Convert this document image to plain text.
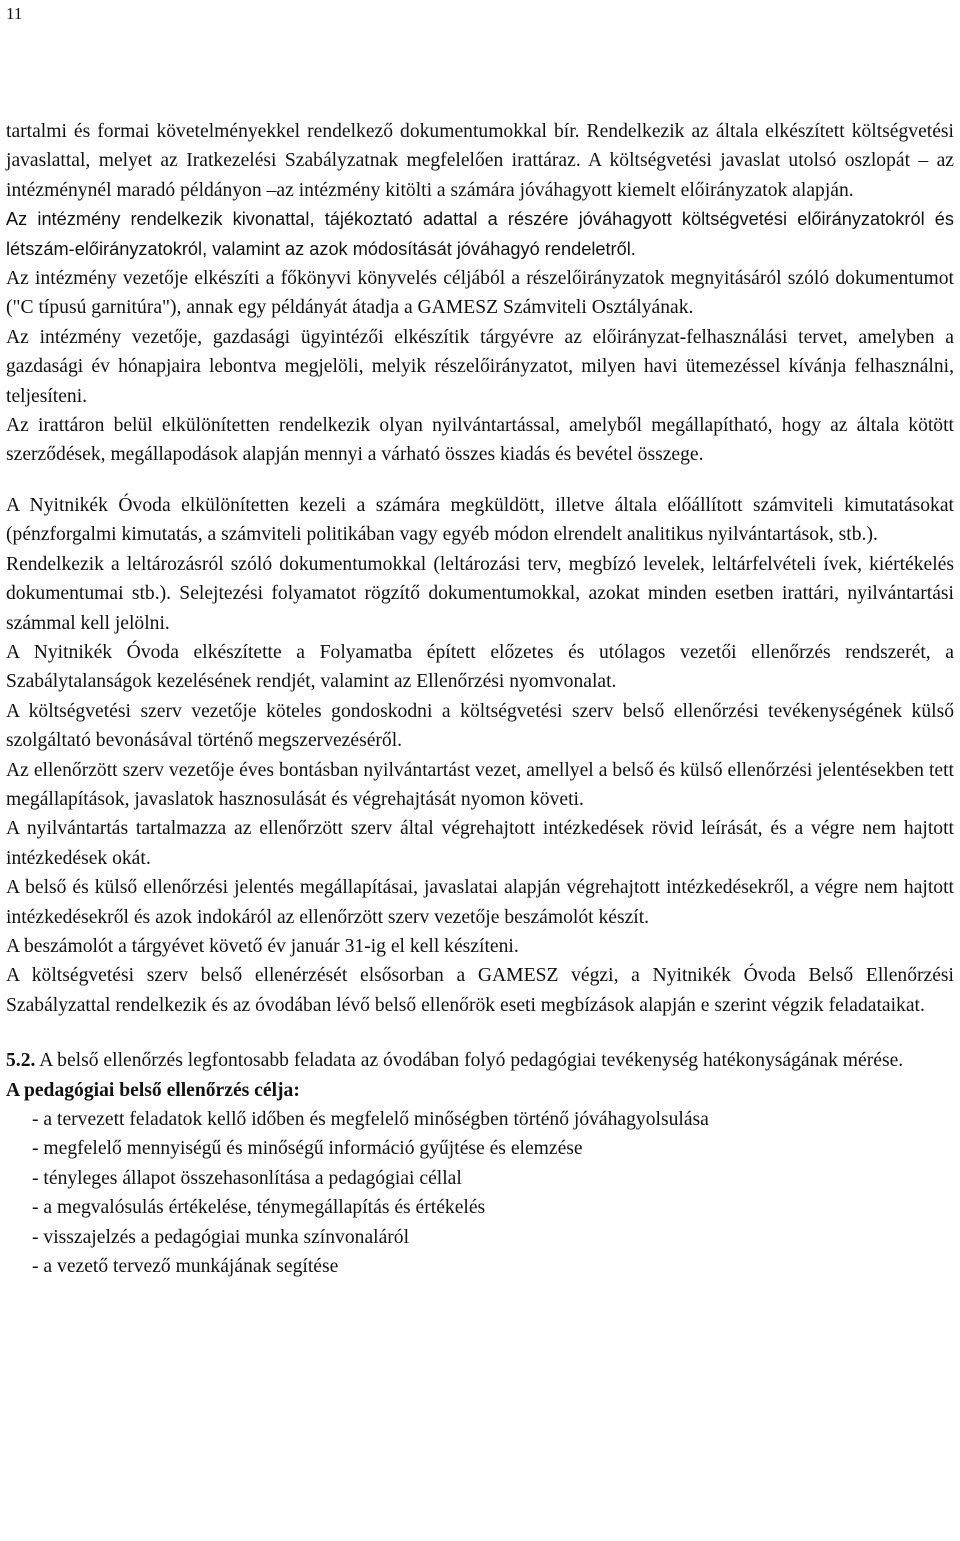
11

tartalmi és formai követelményekkel rendelkező dokumentumokkal bír. Rendelkezik az általa elkészített költségvetési javaslattal, melyet az Iratkezelési Szabályzatnak megfelelően irattáraz. A költségvetési javaslat utolsó oszlopát – az intézménynél maradó példányon –az intézmény kitölti a számára jóváhagyott kiemelt előirányzatok alapján.

Az intézmény rendelkezik kivonattal, tájékoztató adattal a részére jóváhagyott költségvetési előirányzatokról és létszám-előirányzatokról, valamint az azok módosítását jóváhagyó rendeletről.

Az intézmény vezetője elkészíti a főkönyvi könyvelés céljából a részelőirányzatok megnyitásáról szóló dokumentumot ("C típusú garnitúra"), annak egy példányát átadja a GAMESZ Számviteli Osztályának.

Az intézmény vezetője, gazdasági ügyintézői elkészítik tárgyévre az előirányzat-felhasználási tervet, amelyben a gazdasági év hónapjaira lebontva megjelöli, melyik részelőirányzatot, milyen havi ütemezéssel kívánja felhasználni, teljesíteni.

Az irattáron belül elkülönítetten rendelkezik olyan nyilvántartással, amelyből megállapítható, hogy az általa kötött szerződések, megállapodások alapján mennyi a várható összes kiadás és bevétel összege.

A Nyitnikék Óvoda elkülönítetten kezeli a számára megküldött, illetve általa előállított számviteli kimutatásokat (pénzforgalmi kimutatás, a számviteli politikában vagy egyéb módon elrendelt analitikus nyilvántartások, stb.).

Rendelkezik a leltározásról szóló dokumentumokkal (leltározási terv, megbízó levelek, leltárfelvételi ívek, kiértékelés dokumentumai stb.). Selejtezési folyamatot rögzítő dokumentumokkal, azokat minden esetben irattári, nyilvántartási számmal kell jelölni.

A Nyitnikék Óvoda elkészítette a Folyamatba épített előzetes és utólagos vezetői ellenőrzés rendszerét, a Szabálytalanságok kezelésének rendjét, valamint az Ellenőrzési nyomvonalat.

A költségvetési szerv vezetője köteles gondoskodni a költségvetési szerv belső ellenőrzési tevékenységének külső szolgáltató bevonásával történő megszervezéséről.

Az ellenőrzött szerv vezetője éves bontásban nyilvántartást vezet, amellyel a belső és külső ellenőrzési jelentésekben tett megállapítások, javaslatok hasznosulását és végrehajtását nyomon követi.

A nyilvántartás tartalmazza az ellenőrzött szerv által végrehajtott intézkedések rövid leírását, és a végre nem hajtott intézkedések okát.

A belső és külső ellenőrzési jelentés megállapításai, javaslatai alapján végrehajtott intézkedésekről, a végre nem hajtott intézkedésekről és azok indokáról az ellenőrzött szerv vezetője beszámolót készít.

A beszámolót a tárgyévet követő év január 31-ig el kell készíteni.

A költségvetési szerv belső ellenérzését elsősorban a GAMESZ végzi, a Nyitnikék Óvoda Belső Ellenőrzési Szabályzattal rendelkezik és az óvodában lévő belső ellenőrök eseti megbízások alapján e szerint végzik feladataikat.

5.2. A belső ellenőrzés legfontosabb feladata az óvodában folyó pedagógiai tevékenység hatékonyságának mérése.

A pedagógiai belső ellenőrzés célja:

- a tervezett feladatok kellő időben és megfelelő minőségben történő jóváhagyolsulása
- megfelelő mennyiségű és minőségű információ gyűjtése és elemzése
- tényleges állapot összehasonlítása a pedagógiai céllal
- a megvalósulás értékelése, ténymegállapítás és értékelés
- visszajelzés a pedagógiai munka színvonaláról
- a vezető tervező munkájának segítése
